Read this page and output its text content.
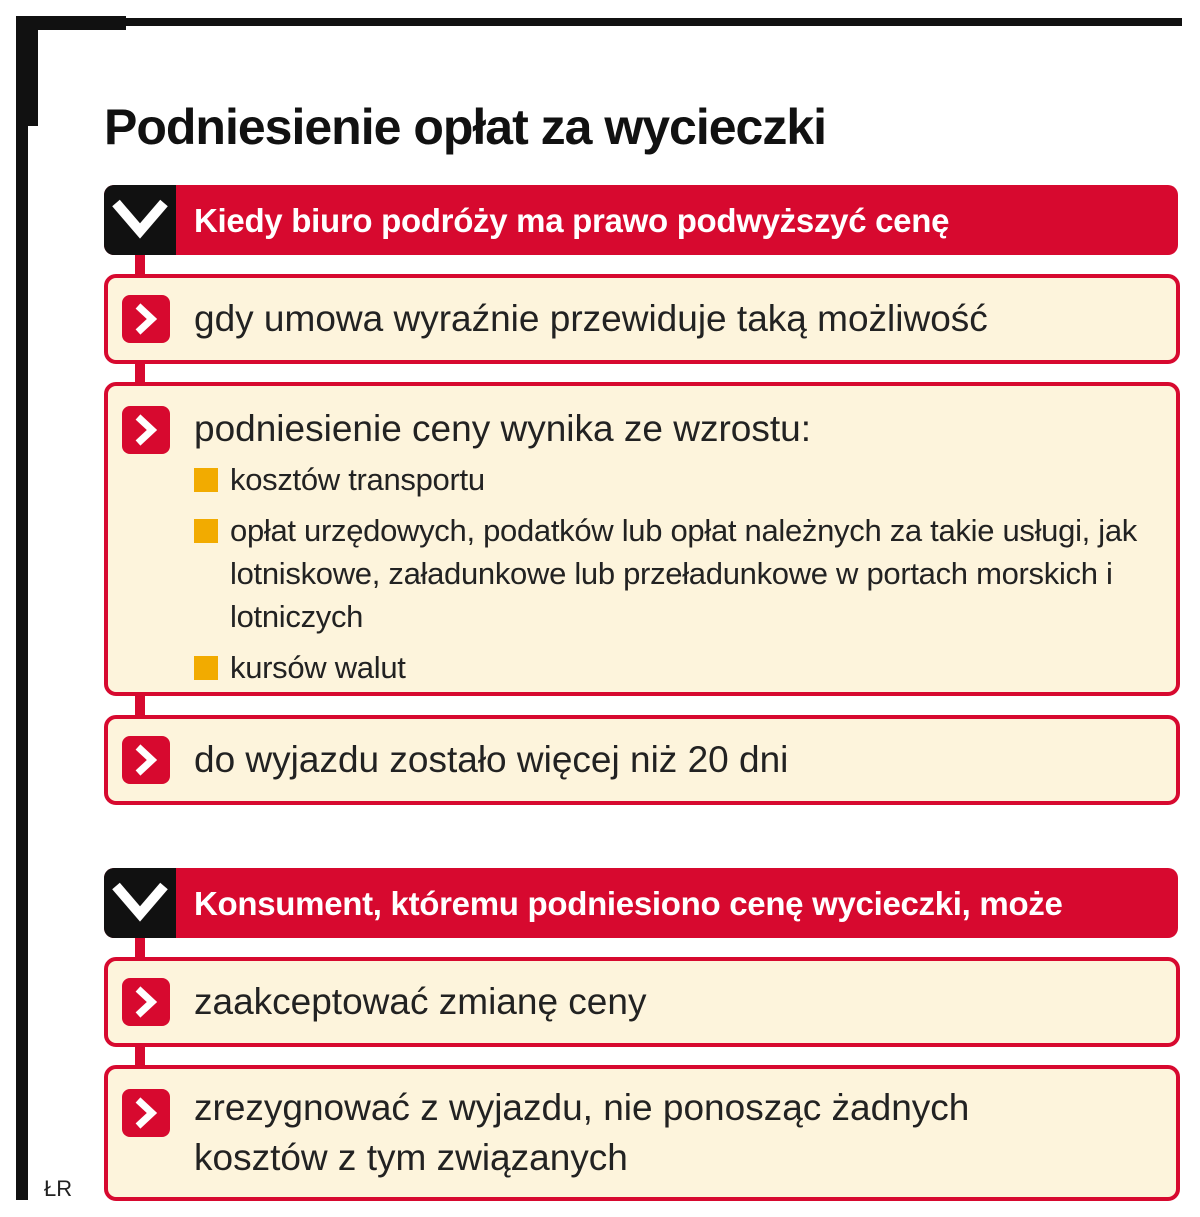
Podniesienie opłat za wycieczki
Kiedy biuro podróży ma prawo podwyższyć cenę
gdy umowa wyraźnie przewiduje taką możliwość
podniesienie ceny wynika ze wzrostu:
kosztów transportu
opłat urzędowych, podatków lub opłat należnych za takie usługi, jak lotniskowe, załadunkowe lub przeładunkowe w portach morskich i lotniczych
kursów walut
do wyjazdu zostało więcej niż 20 dni
Konsument, któremu podniesiono cenę wycieczki, może
zaakceptować zmianę ceny
zrezygnować z wyjazdu, nie ponosząc żadnych kosztów z tym związanych
ŁR
